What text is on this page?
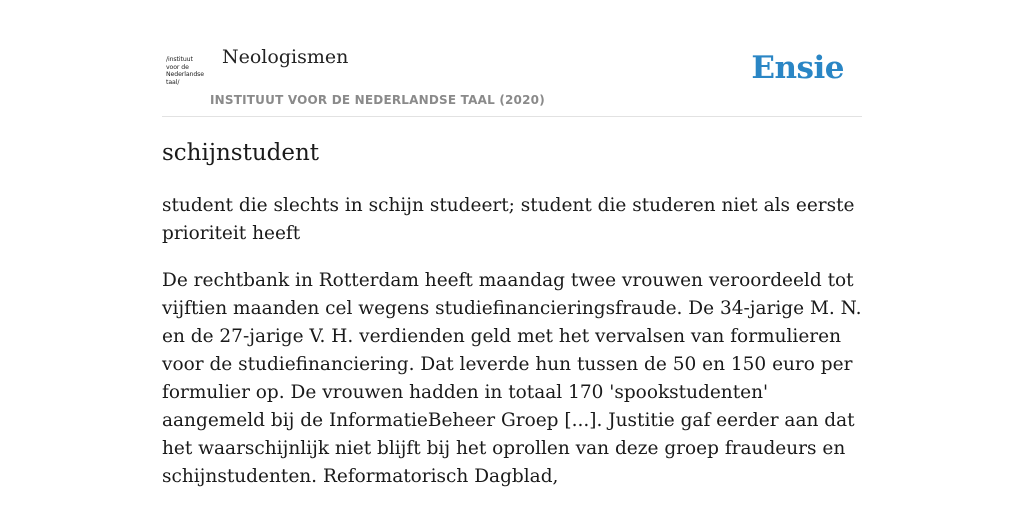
/instituut
voor de
Nederlandse
taal/
Neologismen
INSTITUUT VOOR DE NEDERLANDSE TAAL (2020)
Ensie
schijnstudent
student die slechts in schijn studeert; student die studeren niet als eerste prioriteit heeft
De rechtbank in Rotterdam heeft maandag twee vrouwen veroordeeld tot vijftien maanden cel wegens studiefinancieringsfraude. De 34-jarige M. N. en de 27-jarige V. H. verdienden geld met het vervalsen van formulieren voor de studiefinanciering. Dat leverde hun tussen de 50 en 150 euro per formulier op. De vrouwen hadden in totaal 170 'spookstudenten' aangemeld bij de InformatieBeheer Groep [...]. Justitie gaf eerder aan dat het waarschijnlijk niet blijft bij het oprollen van deze groep fraudeurs en schijnstudenten. Reformatorisch Dagblad,
